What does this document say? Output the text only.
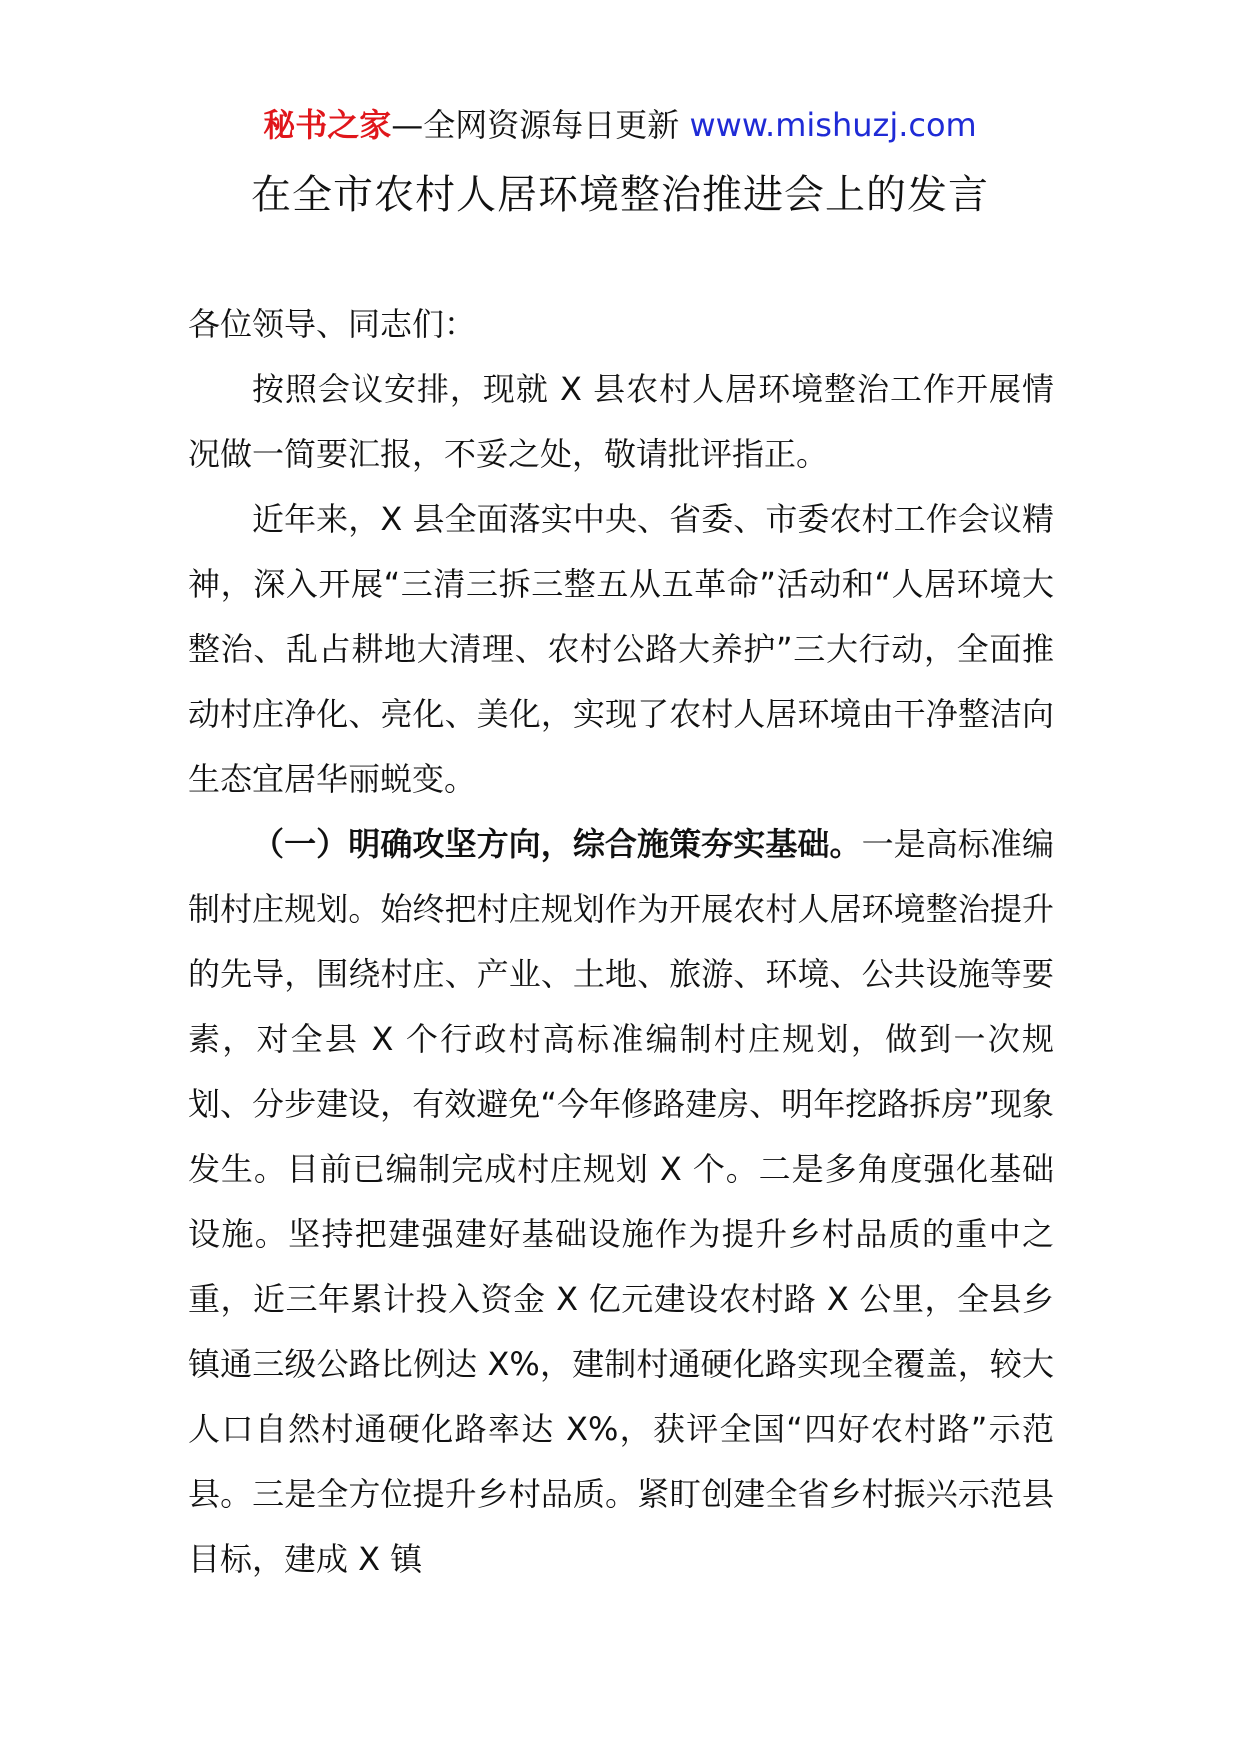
秘书之家—全网资源每日更新 www.mishuzj.com
在全市农村人居环境整治推进会上的发言

各位领导、同志们：

按照会议安排，现就 X 县农村人居环境整治工作开展情况做一简要汇报，不妥之处，敬请批评指正。

近年来，X 县全面落实中央、省委、市委农村工作会议精神，深入开展“三清三拆三整五从五革命”活动和“人居环境大整治、乱占耕地大清理、农村公路大养护”三大行动，全面推动村庄净化、亮化、美化，实现了农村人居环境由干净整洁向生态宜居华丽蜕变。

（一）明确攻坚方向，综合施策夯实基础。一是高标准编制村庄规划。始终把村庄规划作为开展农村人居环境整治提升的先导，围绕村庄、产业、土地、旅游、环境、公共设施等要素，对全县 X 个行政村高标准编制村庄规划，做到一次规划、分步建设，有效避免“今年修路建房、明年挖路拆房”现象发生。目前已编制完成村庄规划 X 个。二是多角度强化基础设施。坚持把建强建好基础设施作为提升乡村品质的重中之重，近三年累计投入资金 X 亿元建设农村路 X 公里，全县乡镇通三级公路比例达 X%，建制村通硬化路实现全覆盖，较大人口自然村通硬化路率达 X%，获评全国“四好农村路”示范县。三是全方位提升乡村品质。紧盯创建全省乡村振兴示范县目标，建成 X 镇
